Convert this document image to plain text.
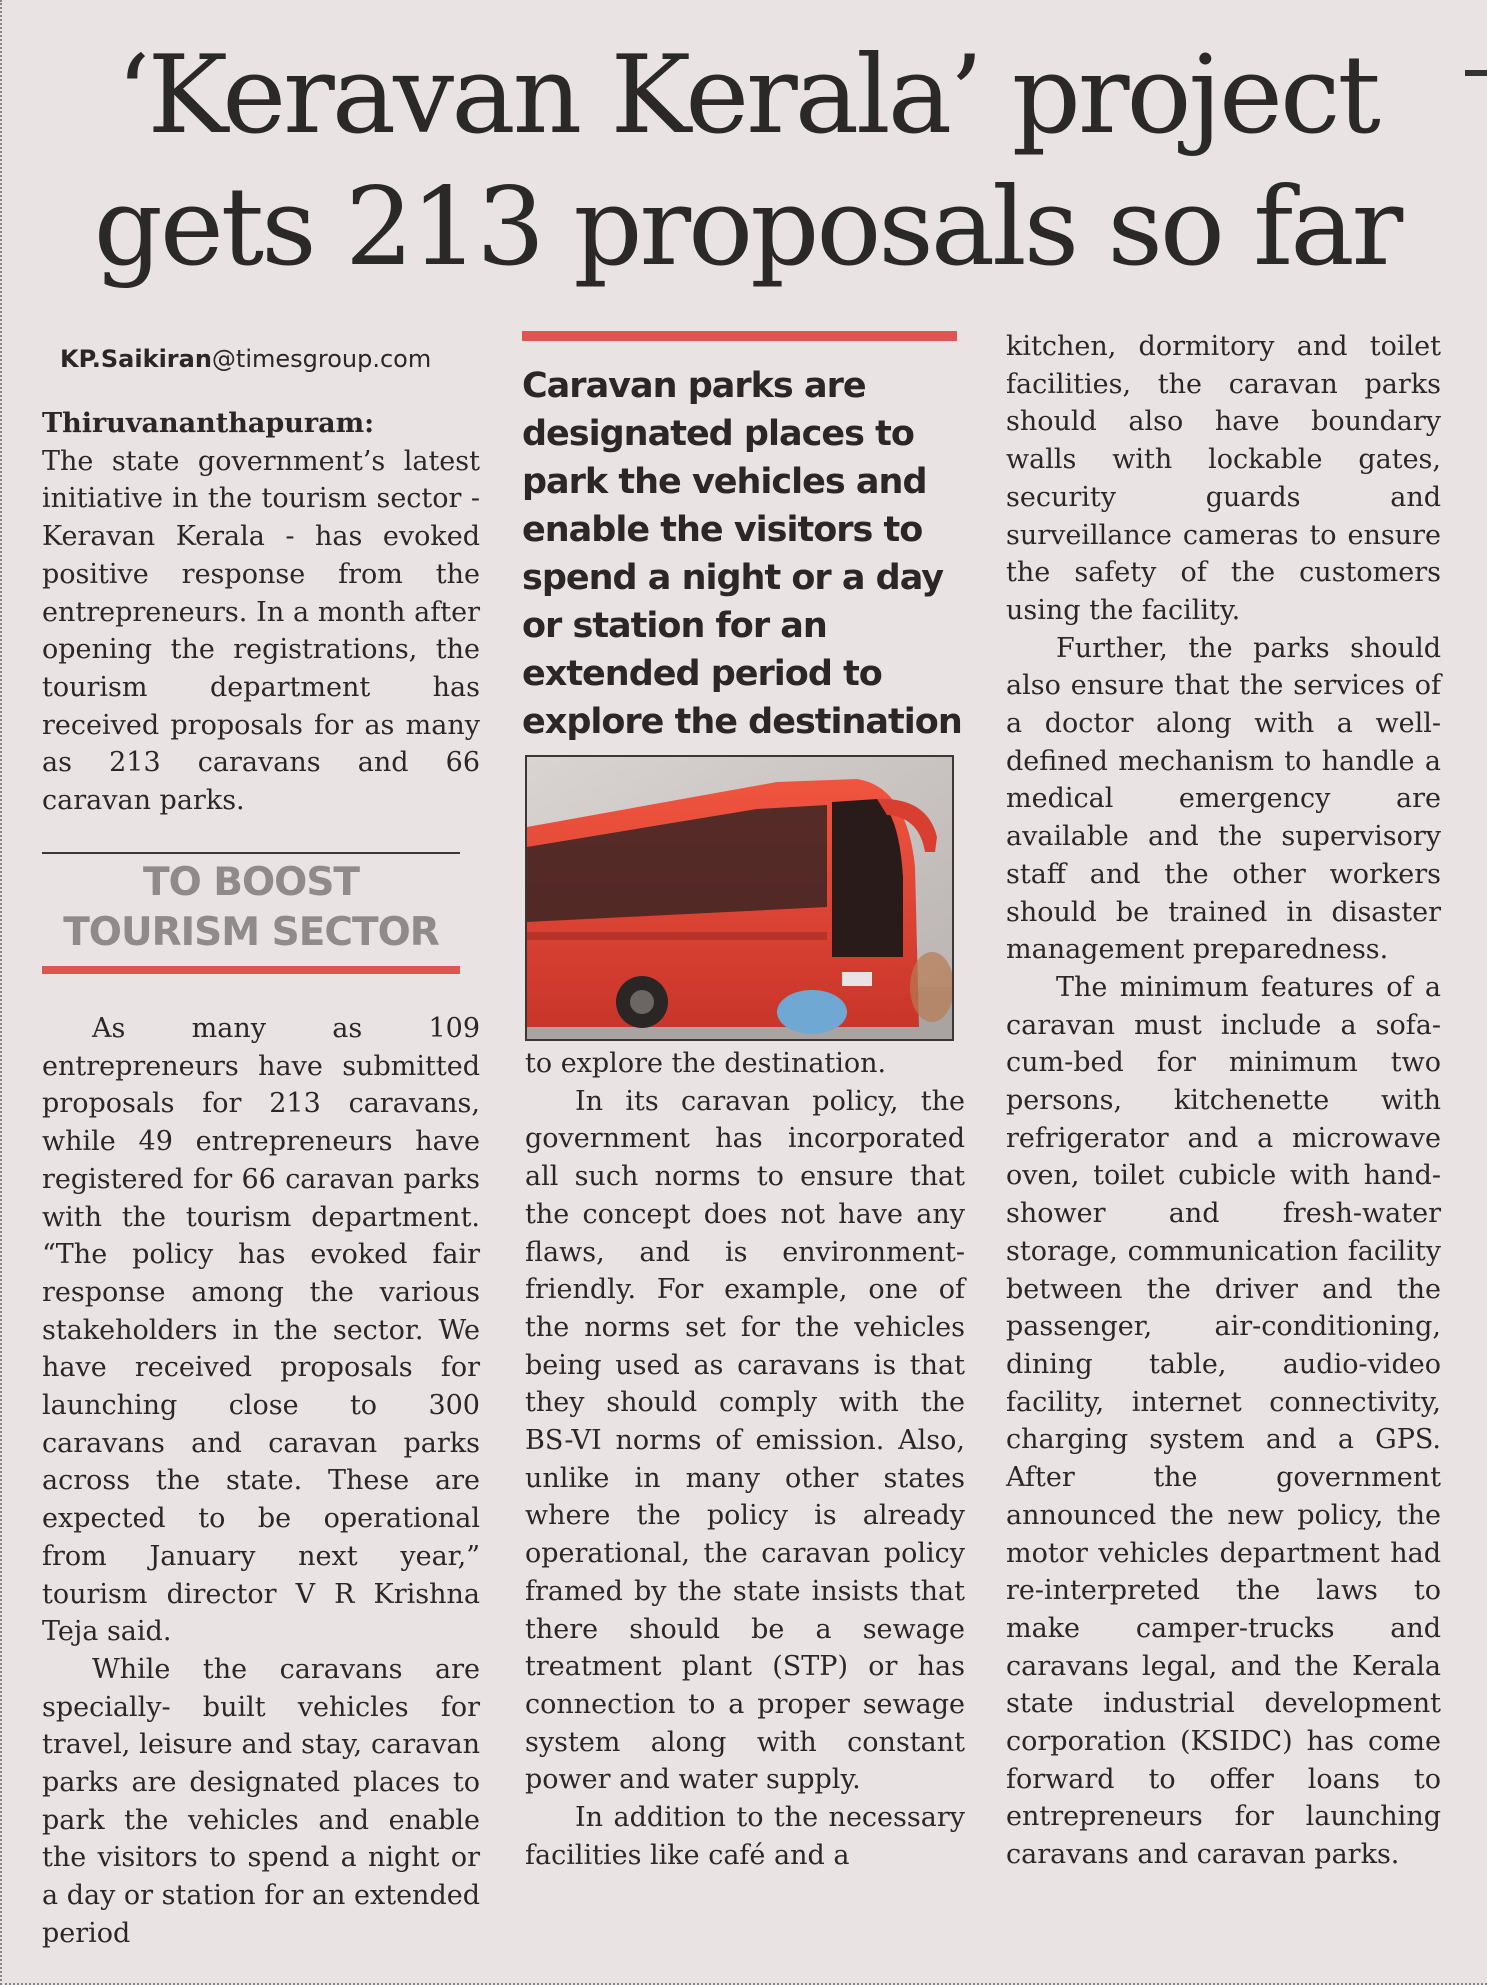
‘Keravan Kerala’ project
gets 213 proposals so far
KP.Saikiran@timesgroup.com
Thiruvananthapuram:

The state government’s latest initiative in the tourism sector - Keravan Kerala - has evoked positive response from the entrepreneurs. In a month after opening the registrations, the tourism department has received proposals for as many as 213 caravans and 66 caravan parks.

TO BOOST
TOURISM SECTOR

As many as 109 entrepreneurs have submitted proposals for 213 caravans, while 49 entrepreneurs have registered for 66 caravan parks with the tourism department. “The policy has evoked fair response among the various stakeholders in the sector. We have received proposals for launching close to 300 caravans and caravan parks across the state. These are expected to be operational from January next year,” tourism director V R Krishna Teja said.

While the caravans are specially- built vehicles for travel, leisure and stay, caravan parks are designated places to park the vehicles and enable the visitors to spend a night or a day or station for an extended period

Caravan parks are designated places to park the vehicles and enable the visitors to spend a night or a day or station for an extended period to explore the destination

to explore the destination.

In its caravan policy, the government has incorporated all such norms to ensure that the concept does not have any flaws, and is environment-friendly. For example, one of the norms set for the vehicles being used as caravans is that they should comply with the BS-VI norms of emission. Also, unlike in many other states where the policy is already operational, the caravan policy framed by the state insists that there should be a sewage treatment plant (STP) or has connection to a proper sewage system along with constant power and water supply.

In addition to the necessary facilities like café and a

kitchen, dormitory and toilet facilities, the caravan parks should also have boundary walls with lockable gates, security guards and surveillance cameras to ensure the safety of the customers using the facility.

Further, the parks should also ensure that the services of a doctor along with a well-defined mechanism to handle a medical emergency are available and the supervisory staff and the other workers should be trained in disaster management preparedness.

The minimum features of a caravan must include a sofa-cum-bed for minimum two persons, kitchenette with refrigerator and a microwave oven, toilet cubicle with hand-shower and fresh-water storage, communication facility between the driver and the passenger, air-conditioning, dining table, audio-video facility, internet connectivity, charging system and a GPS. After the government announced the new policy, the motor vehicles department had re-interpreted the laws to make camper-trucks and caravans legal, and the Kerala state industrial development corporation (KSIDC) has come forward to offer loans to entrepreneurs for launching caravans and caravan parks.
